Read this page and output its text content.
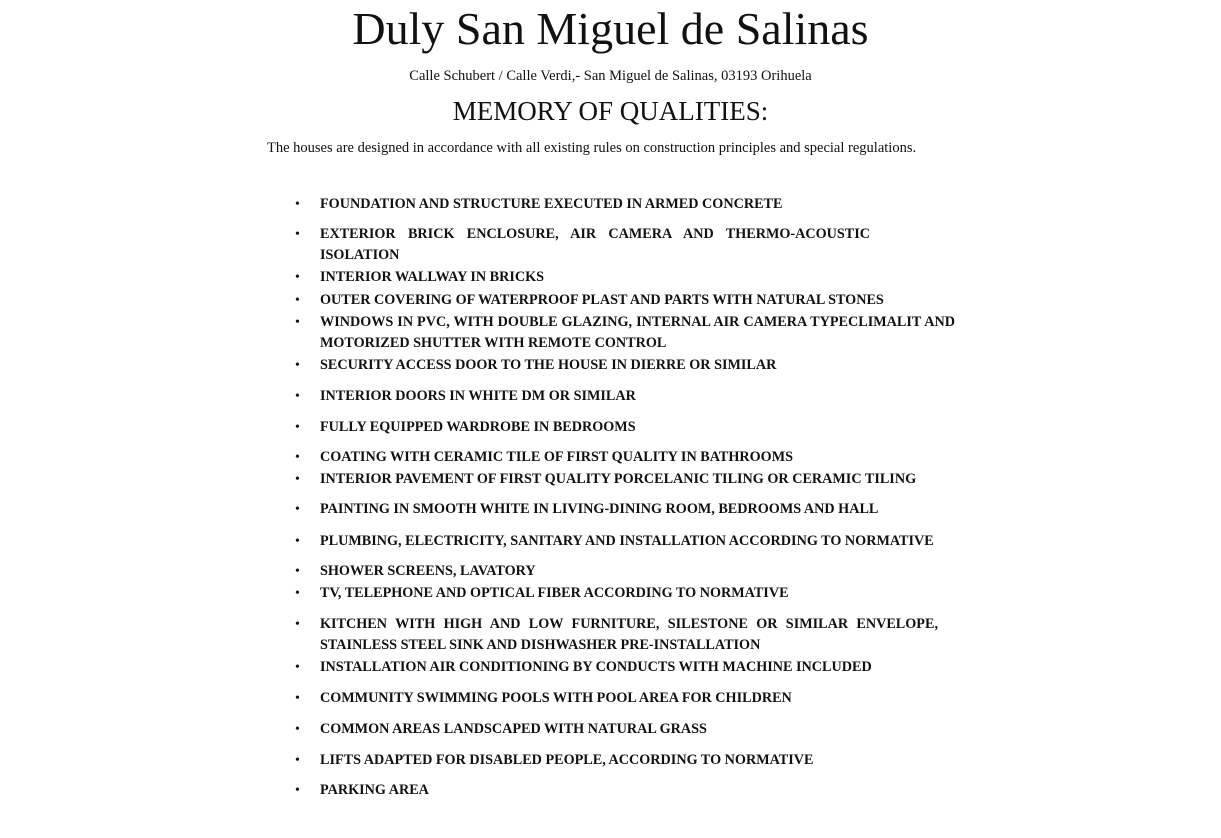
Duly San Miguel de Salinas

Calle Schubert / Calle Verdi,- San Miguel de Salinas, 03193 Orihuela

MEMORY OF QUALITIES:

The houses are designed in accordance with all existing rules on construction principles and special regulations.

•	FOUNDATION AND STRUCTURE EXECUTED IN ARMED CONCRETE
•	EXTERIOR BRICK ENCLOSURE, AIR CAMERA AND THERMO-ACOUSTIC ISOLATION
•	INTERIOR WALLWAY IN BRICKS
•	OUTER COVERING OF WATERPROOF PLAST AND PARTS WITH NATURAL STONES
•	WINDOWS IN PVC, WITH DOUBLE GLAZING, INTERNAL AIR CAMERA TYPECLIMALIT AND MOTORIZED SHUTTER WITH REMOTE CONTROL
•	SECURITY ACCESS DOOR TO THE HOUSE IN DIERRE OR SIMILAR
•	INTERIOR DOORS IN WHITE DM OR SIMILAR
•	FULLY EQUIPPED WARDROBE IN BEDROOMS
•	COATING WITH CERAMIC TILE OF FIRST QUALITY IN BATHROOMS
•	INTERIOR PAVEMENT OF FIRST QUALITY PORCELANIC TILING OR CERAMIC TILING
•	PAINTING IN SMOOTH WHITE IN LIVING-DINING ROOM, BEDROOMS AND HALL
•	PLUMBING, ELECTRICITY, SANITARY AND INSTALLATION ACCORDING TO NORMATIVE
•	SHOWER SCREENS, LAVATORY
•	TV, TELEPHONE AND OPTICAL FIBER ACCORDING TO NORMATIVE
•	KITCHEN WITH HIGH AND LOW FURNITURE, SILESTONE OR SIMILAR ENVELOPE, STAINLESS STEEL SINK AND DISHWASHER PRE-INSTALLATION
•	INSTALLATION AIR CONDITIONING BY CONDUCTS WITH MACHINE INCLUDED
•	COMMUNITY SWIMMING POOLS WITH POOL AREA FOR CHILDREN
•	COMMON AREAS LANDSCAPED WITH NATURAL GRASS
•	LIFTS ADAPTED FOR DISABLED PEOPLE, ACCORDING TO NORMATIVE
•	PARKING AREA
